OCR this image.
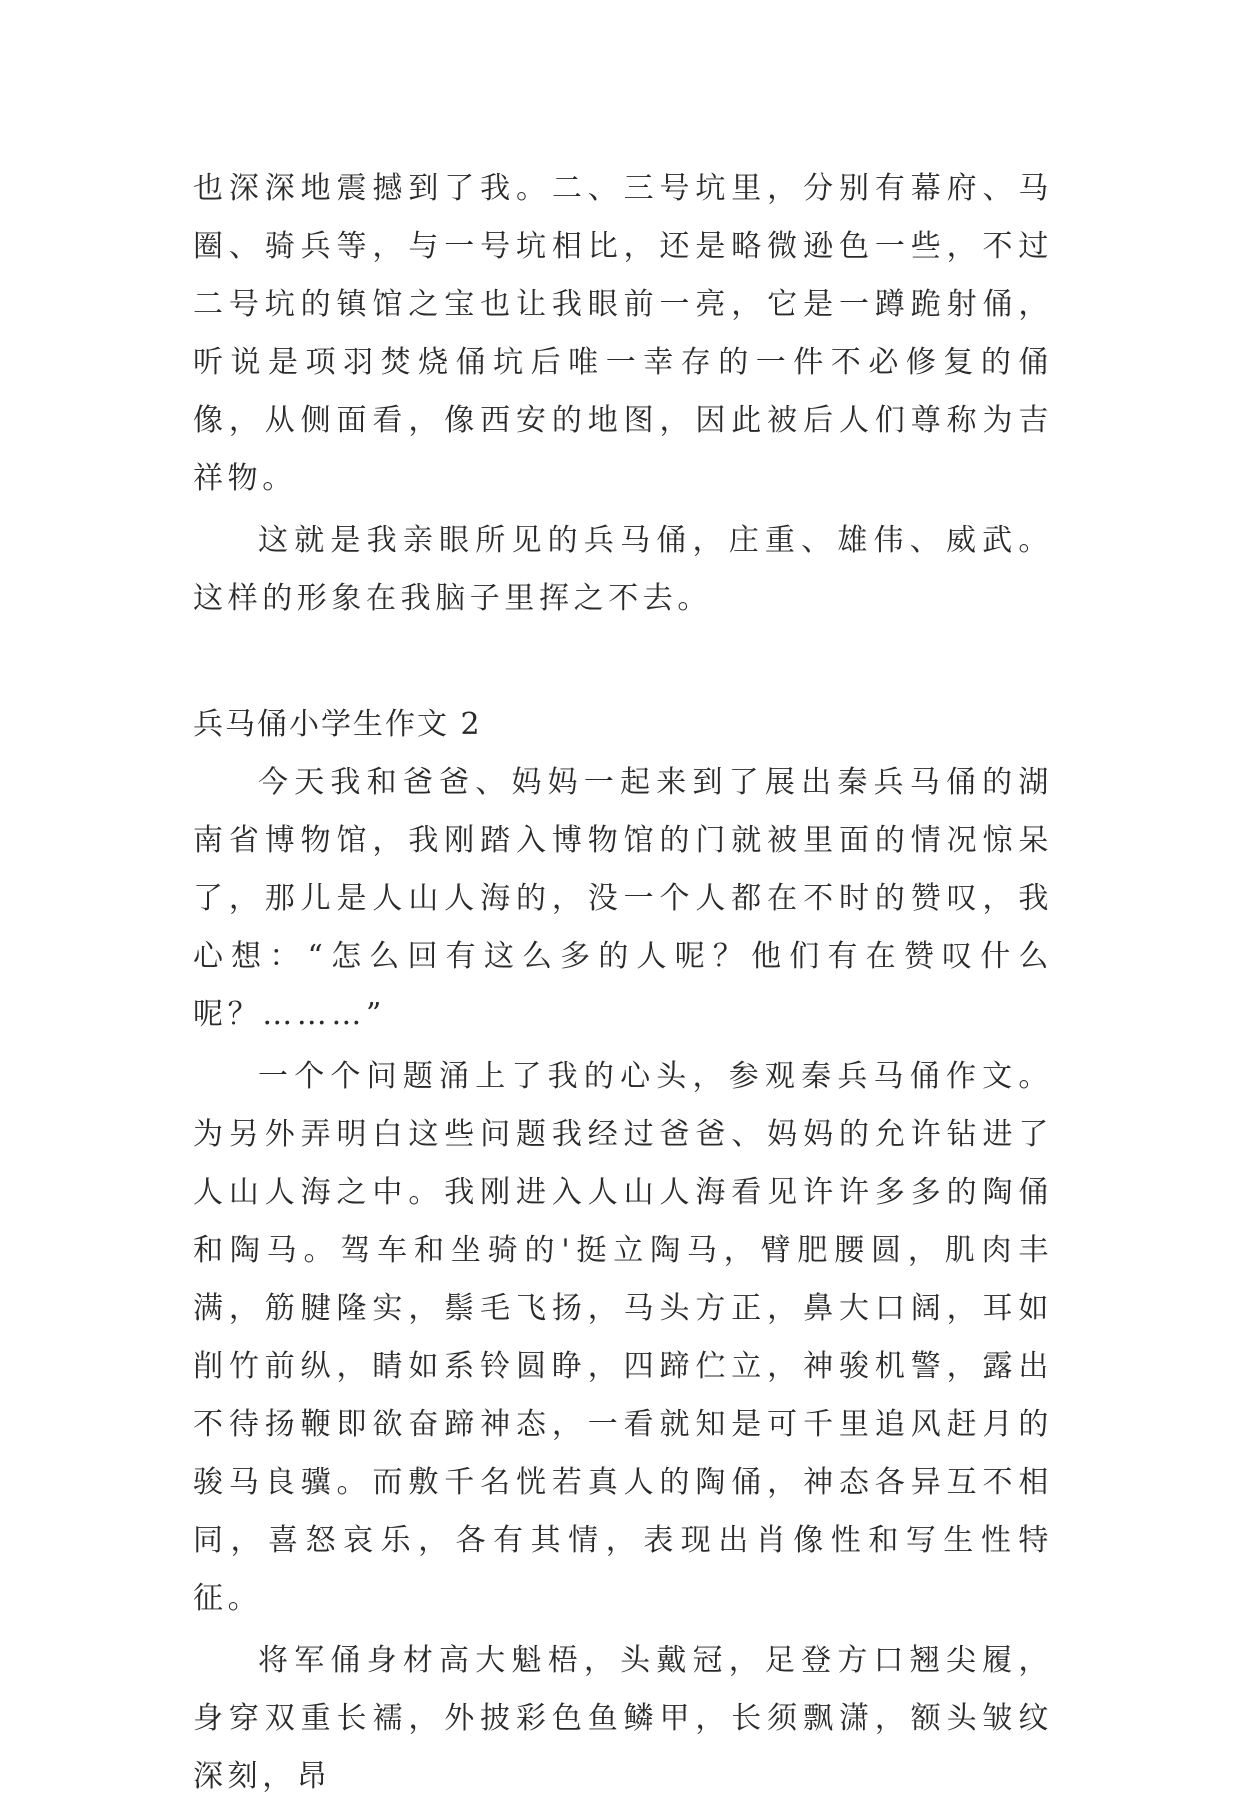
也深深地震撼到了我。二、三号坑里，分别有幕府、马圈、骑兵等，与一号坑相比，还是略微逊色一些，不过二号坑的镇馆之宝也让我眼前一亮，它是一蹲跪射俑，听说是项羽焚烧俑坑后唯一幸存的一件不必修复的俑像，从侧面看，像西安的地图，因此被后人们尊称为吉祥物。

这就是我亲眼所见的兵马俑，庄重、雄伟、威武。这样的形象在我脑子里挥之不去。

兵马俑小学生作文 2

今天我和爸爸、妈妈一起来到了展出秦兵马俑的湖南省博物馆，我刚踏入博物馆的门就被里面的情况惊呆了，那儿是人山人海的，没一个人都在不时的赞叹，我心想：“怎么回有这么多的人呢？他们有在赞叹什么呢？………”

一个个问题涌上了我的心头，参观秦兵马俑作文。为另外弄明白这些问题我经过爸爸、妈妈的允许钻进了人山人海之中。我刚进入人山人海看见许许多多的陶俑和陶马。驾车和坐骑的'挺立陶马，臂肥腰圆，肌肉丰满，筋腱隆实，鬃毛飞扬，马头方正，鼻大口阔，耳如削竹前纵，睛如系铃圆睁，四蹄伫立，神骏机警，露出不待扬鞭即欲奋蹄神态，一看就知是可千里追风赶月的骏马良骥。而敷千名恍若真人的陶俑，神态各异互不相同，喜怒哀乐，各有其情，表现出肖像性和写生性特征。

将军俑身材高大魁梧，头戴冠，足登方口翘尖履，身穿双重长襦，外披彩色鱼鳞甲，长须飘潇，额头皱纹深刻，昂
